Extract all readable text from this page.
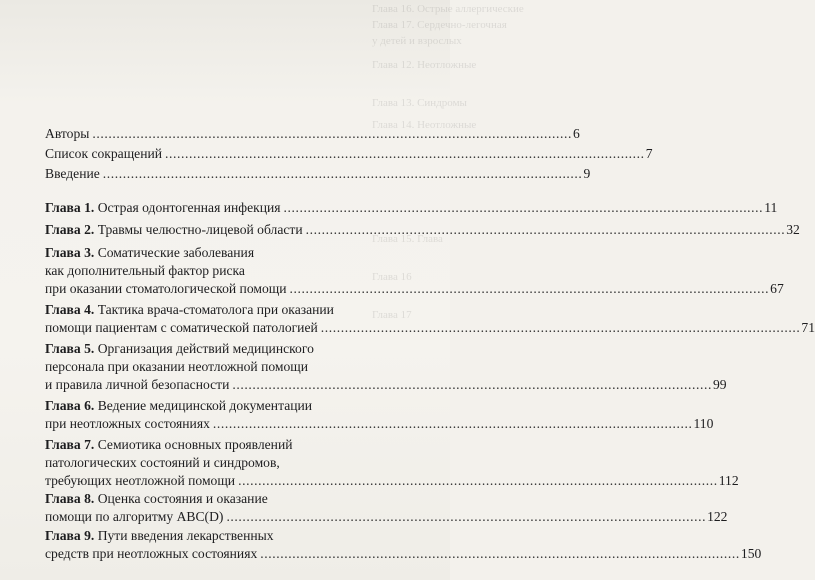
аллергические
Сердечно-легочная
Авторы . . .	6
Список сокращений . . .	7
Введение . . .	9
Глава 1. Острая одонтогенная инфекция . . .	11
Глава 2. Травмы челюстно-лицевой области . . .	32
Глава 3. Соматические заболевания
как дополнительный фактор риска
при оказании стоматологической помощи . . .	67
Глава 4. Тактика врача-стоматолога при оказании
помощи пациентам с соматической патологией . . .	71
Глава 5. Организация действий медицинского
персонала при оказании неотложной помощи
и правила личной безопасности . . .	99
Глава 6. Ведение медицинской документации
при неотложных состояниях . . .	110
Глава 7. Семиотика основных проявлений
патологических состояний и синдромов,
требующих неотложной помощи . . .	112
Глава 8. Оценка состояния и оказание
помощи по алгоритму ABC(D) . . .	122
Глава 9. Пути введения лекарственных
средств при неотложных состояниях . . .	150
